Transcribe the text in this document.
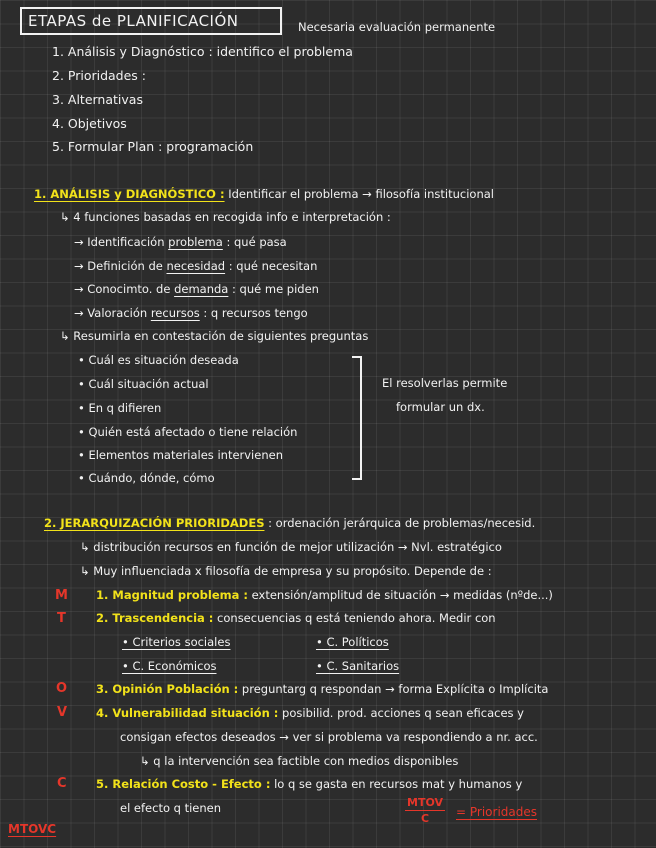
ETAPAS de PLANIFICACIÓN	Necesaria evaluación permanente
1. Análisis y Diagnóstico : identifico el problema
2. Prioridades :
3. Alternativas
4. Objetivos
5. Formular Plan : programación
1. ANÁLISIS y DIAGNÓSTICO : Identificar el problema → filosofía institucional
↳ 4 funciones basadas en recogida info e interpretación :
→ Identificación problema : qué pasa
→ Definición de necesidad : qué necesitan
→ Conocimto. de demanda : qué me piden
→ Valoración recursos : q recursos tengo
↳ Resumirla en contestación de siguientes preguntas
• Cuál es situación deseada
• Cuál situación actual
• En q difieren
• Quién está afectado o tiene relación
• Elementos materiales intervienen
• Cuándo, dónde, cómo
El resolverlas permite
formular un dx.
2. JERARQUIZACIÓN PRIORIDADES : ordenación jerárquica de problemas/necesid.
↳ distribución recursos en función de mejor utilización → Nvl. estratégico
↳ Muy influenciada x filosofía de empresa y su propósito. Depende de :
M 1. Magnitud problema : extensión/amplitud de situación → medidas (nºde...)
T	2. Trascendencia : consecuencias q está teniendo ahora. Medir con
• Criterios sociales	• C. Políticos
• C. Económicos	• C. Sanitarios
O	3. Opinión Población : preguntarg q respondan → forma Explícita o Implícita
V	4. Vulnerabilidad situación : posibilid. prod. acciones q sean eficaces y
consigan efectos deseados → ver si problema va respondiendo a nr. acc.
↳ q la intervención sea factible con medios disponibles
C	5. Relación Costo - Efecto : lo q se gasta en recursos mat y humanos y
el efecto q tienen
MTOVC
MTOV
C	= Prioridades
